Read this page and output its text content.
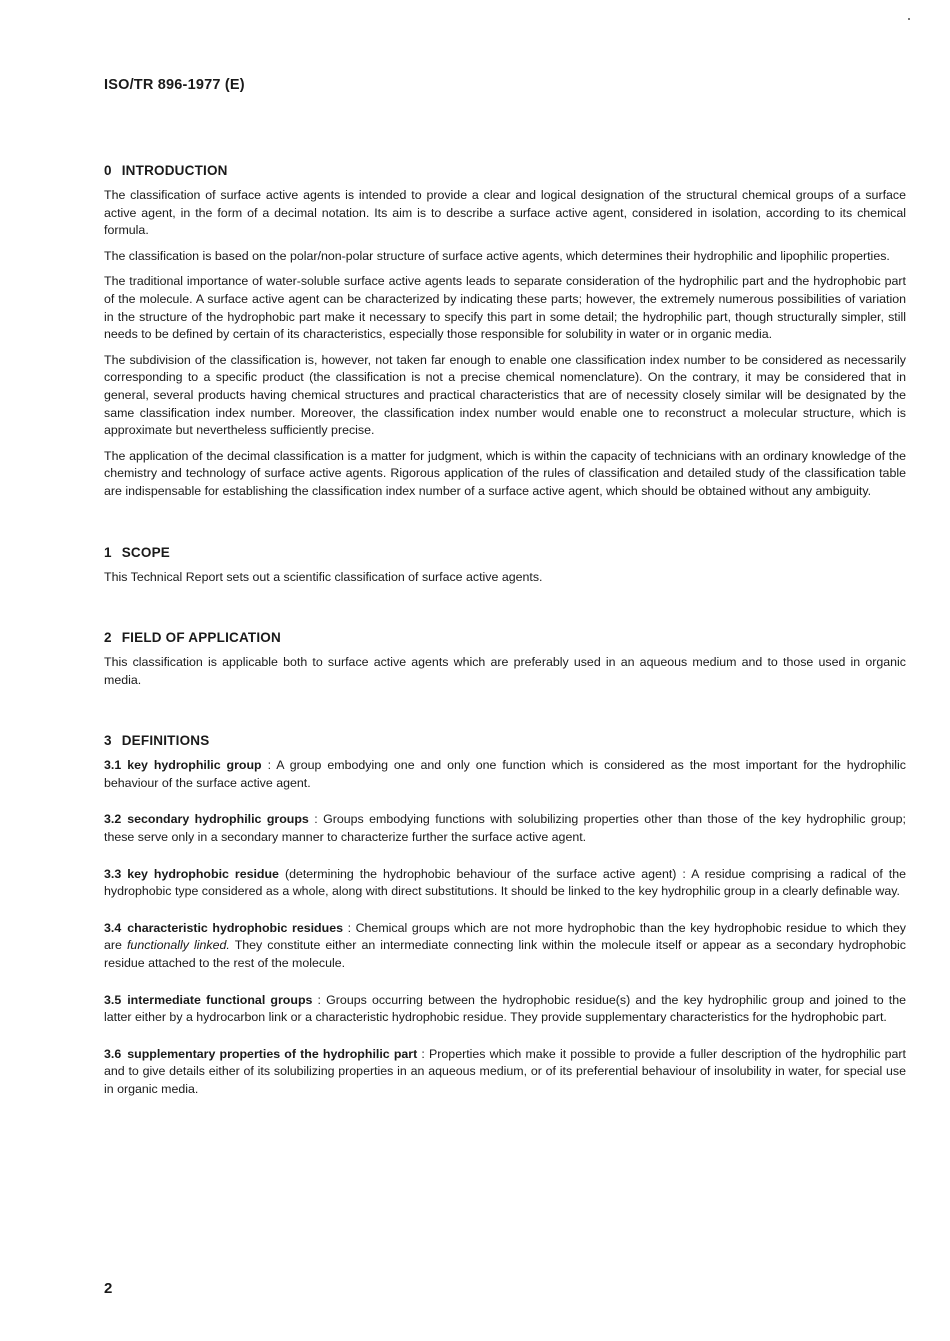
ISO/TR 896-1977 (E)
0 INTRODUCTION

The classification of surface active agents is intended to provide a clear and logical designation of the structural chemical groups of a surface active agent, in the form of a decimal notation. Its aim is to describe a surface active agent, considered in isolation, according to its chemical formula.

The classification is based on the polar/non-polar structure of surface active agents, which determines their hydrophilic and lipophilic properties.

The traditional importance of water-soluble surface active agents leads to separate consideration of the hydrophilic part and the hydrophobic part of the molecule. A surface active agent can be characterized by indicating these parts; however, the extremely numerous possibilities of variation in the structure of the hydrophobic part make it necessary to specify this part in some detail; the hydrophilic part, though structurally simpler, still needs to be defined by certain of its characteristics, especially those responsible for solubility in water or in organic media.

The subdivision of the classification is, however, not taken far enough to enable one classification index number to be considered as necessarily corresponding to a specific product (the classification is not a precise chemical nomenclature). On the contrary, it may be considered that in general, several products having chemical structures and practical characteristics that are of necessity closely similar will be designated by the same classification index number. Moreover, the classification index number would enable one to reconstruct a molecular structure, which is approximate but nevertheless sufficiently precise.

The application of the decimal classification is a matter for judgment, which is within the capacity of technicians with an ordinary knowledge of the chemistry and technology of surface active agents. Rigorous application of the rules of classification and detailed study of the classification table are indispensable for establishing the classification index number of a surface active agent, which should be obtained without any ambiguity.

1 SCOPE

This Technical Report sets out a scientific classification of surface active agents.

2 FIELD OF APPLICATION

This classification is applicable both to surface active agents which are preferably used in an aqueous medium and to those used in organic media.

3 DEFINITIONS

3.1 key hydrophilic group : A group embodying one and only one function which is considered as the most important for the hydrophilic behaviour of the surface active agent.

3.2 secondary hydrophilic groups : Groups embodying functions with solubilizing properties other than those of the key hydrophilic group; these serve only in a secondary manner to characterize further the surface active agent.

3.3 key hydrophobic residue (determining the hydrophobic behaviour of the surface active agent) : A residue comprising a radical of the hydrophobic type considered as a whole, along with direct substitutions. It should be linked to the key hydrophilic group in a clearly definable way.

3.4 characteristic hydrophobic residues : Chemical groups which are not more hydrophobic than the key hydrophobic residue to which they are functionally linked. They constitute either an intermediate connecting link within the molecule itself or appear as a secondary hydrophobic residue attached to the rest of the molecule.

3.5 intermediate functional groups : Groups occurring between the hydrophobic residue(s) and the key hydrophilic group and joined to the latter either by a hydrocarbon link or a characteristic hydrophobic residue. They provide supplementary characteristics for the hydrophobic part.

3.6 supplementary properties of the hydrophilic part : Properties which make it possible to provide a fuller description of the hydrophilic part and to give details either of its solubilizing properties in an aqueous medium, or of its preferential behaviour of insolubility in water, for special use in organic media.

2
